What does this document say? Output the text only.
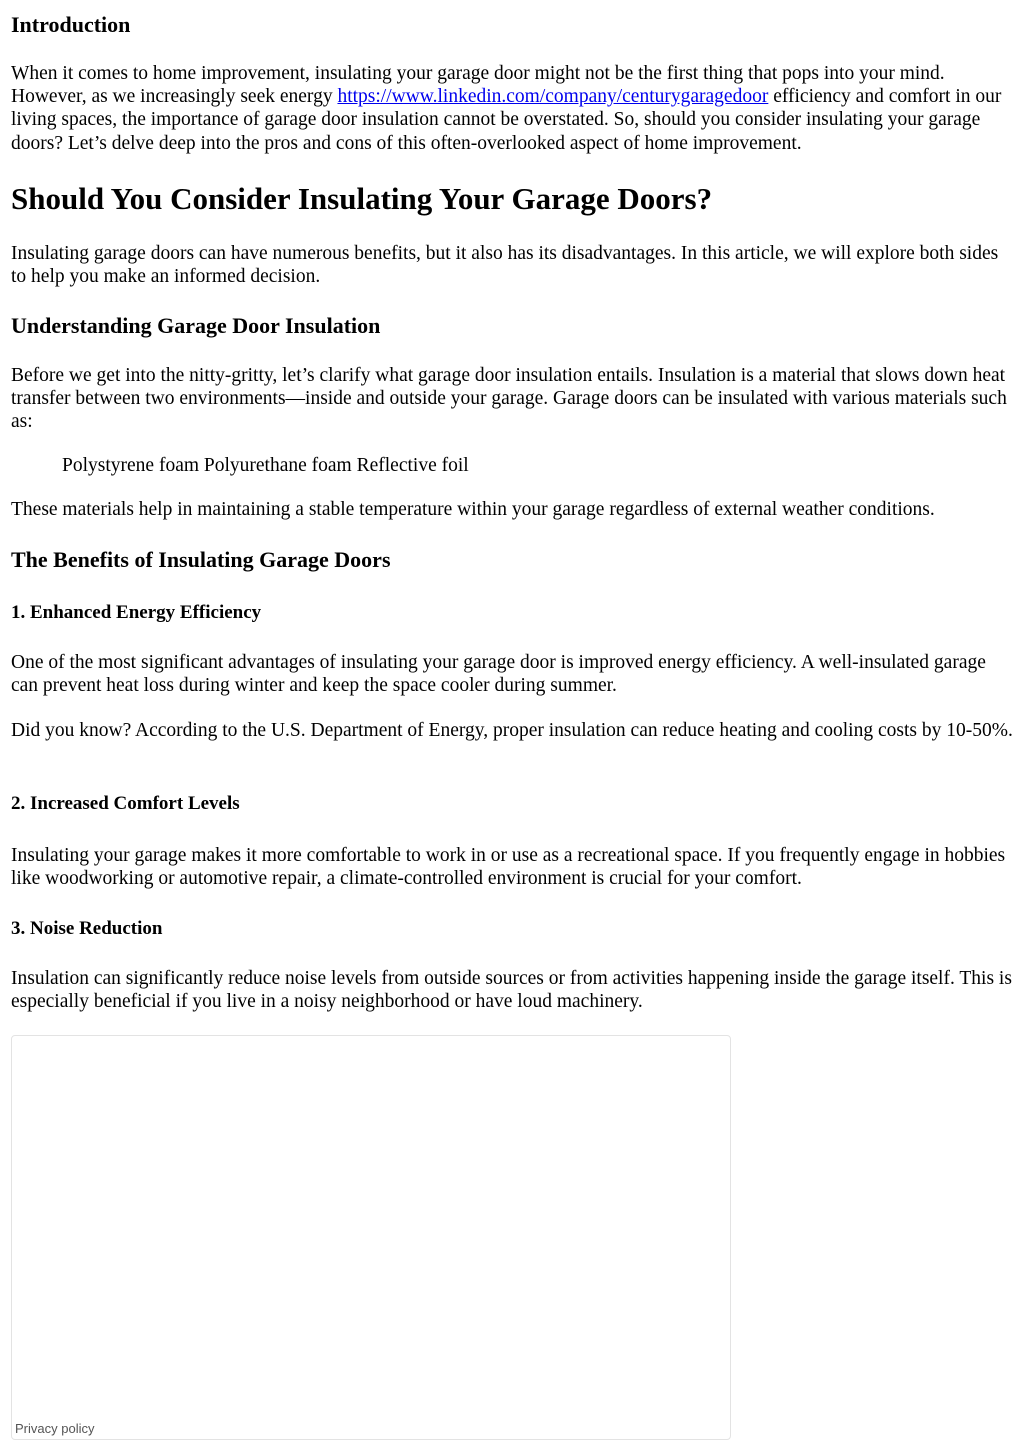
Introduction

When it comes to home improvement, insulating your garage door might not be the first thing that pops into your mind. However, as we increasingly seek energy https://www.linkedin.com/company/centurygaragedoor efficiency and comfort in our living spaces, the importance of garage door insulation cannot be overstated. So, should you consider insulating your garage doors? Let’s delve deep into the pros and cons of this often-overlooked aspect of home improvement.

Should You Consider Insulating Your Garage Doors?

Insulating garage doors can have numerous benefits, but it also has its disadvantages. In this article, we will explore both sides to help you make an informed decision.

Understanding Garage Door Insulation

Before we get into the nitty-gritty, let’s clarify what garage door insulation entails. Insulation is a material that slows down heat transfer between two environments—inside and outside your garage. Garage doors can be insulated with various materials such as:

Polystyrene foam Polyurethane foam Reflective foil

These materials help in maintaining a stable temperature within your garage regardless of external weather conditions.

The Benefits of Insulating Garage Doors
1. Enhanced Energy Efficiency

One of the most significant advantages of insulating your garage door is improved energy efficiency. A well-insulated garage can prevent heat loss during winter and keep the space cooler during summer.

Did you know? According to the U.S. Department of Energy, proper insulation can reduce heating and cooling costs by 10-50%.

2. Increased Comfort Levels

Insulating your garage makes it more comfortable to work in or use as a recreational space. If you frequently engage in hobbies like woodworking or automotive repair, a climate-controlled environment is crucial for your comfort.

3. Noise Reduction

Insulation can significantly reduce noise levels from outside sources or from activities happening inside the garage itself. This is especially beneficial if you live in a noisy neighborhood or have loud machinery.

Privacy policy
